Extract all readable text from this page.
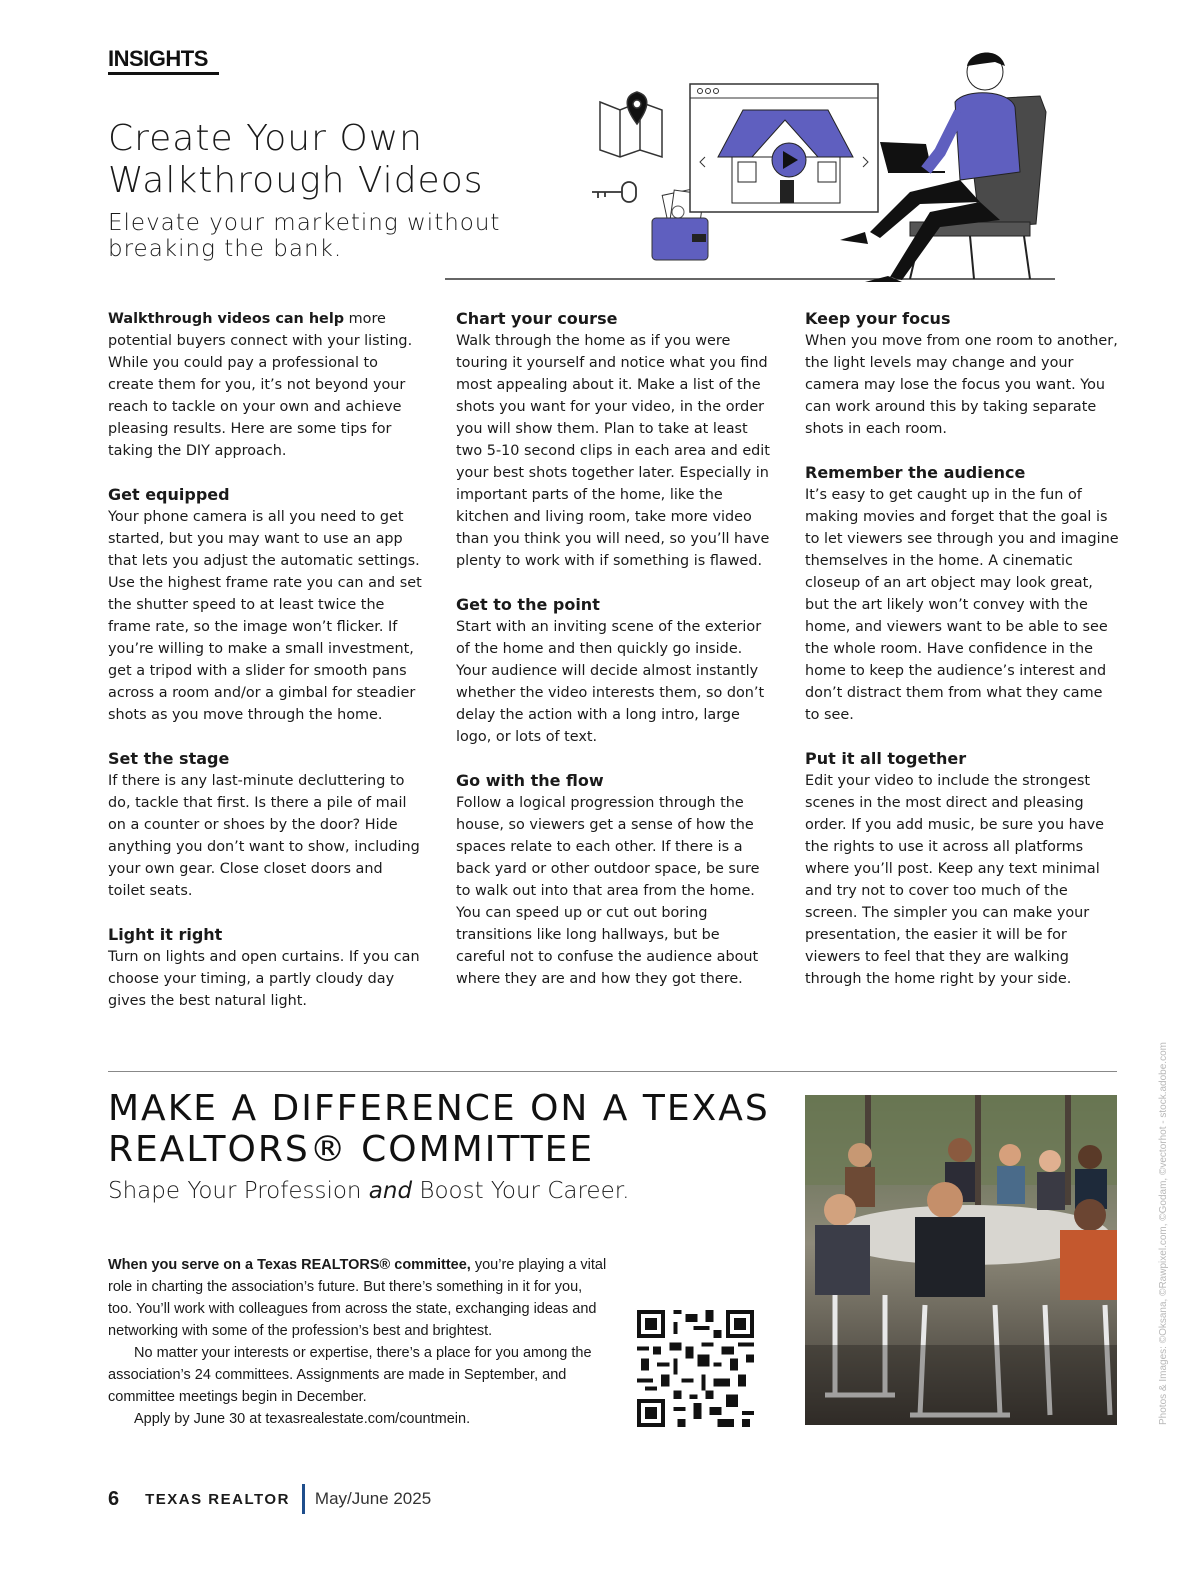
INSIGHTS
Create Your Own Walkthrough Videos
Elevate your marketing without breaking the bank.

Walkthrough videos can help more potential buyers connect with your listing. While you could pay a professional to create them for you, it’s not beyond your reach to tackle on your own and achieve pleasing results. Here are some tips for taking the DIY approach.

Get equipped

Your phone camera is all you need to get started, but you may want to use an app that lets you adjust the automatic settings. Use the highest frame rate you can and set the shutter speed to at least twice the frame rate, so the image won’t flicker. If you’re willing to make a small investment, get a tripod with a slider for smooth pans across a room and/or a gimbal for steadier shots as you move through the home.

Set the stage

If there is any last-minute decluttering to do, tackle that first. Is there a pile of mail on a counter or shoes by the door? Hide anything you don’t want to show, including your own gear. Close closet doors and toilet seats.

Light it right

Turn on lights and open curtains. If you can choose your timing, a partly cloudy day gives the best natural light.

Chart your course

Walk through the home as if you were touring it yourself and notice what you find most appealing about it. Make a list of the shots you want for your video, in the order you will show them. Plan to take at least two 5-10 second clips in each area and edit your best shots together later. Especially in important parts of the home, like the kitchen and living room, take more video than you think you will need, so you’ll have plenty to work with if something is flawed.

Get to the point

Start with an inviting scene of the exterior of the home and then quickly go inside. Your audience will decide almost instantly whether the video interests them, so don’t delay the action with a long intro, large logo, or lots of text.

Go with the flow

Follow a logical progression through the house, so viewers get a sense of how the spaces relate to each other. If there is a back yard or other outdoor space, be sure to walk out into that area from the home. You can speed up or cut out boring transitions like long hallways, but be careful not to confuse the audience about where they are and how they got there.

Keep your focus

When you move from one room to another, the light levels may change and your camera may lose the focus you want. You can work around this by taking separate shots in each room.

Remember the audience

It’s easy to get caught up in the fun of making movies and forget that the goal is to let viewers see through you and imagine themselves in the home. A cinematic closeup of an art object may look great, but the art likely won’t convey with the home, and viewers want to be able to see the whole room. Have confidence in the home to keep the audience’s interest and don’t distract them from what they came to see.

Put it all together

Edit your video to include the strongest scenes in the most direct and pleasing order. If you add music, be sure you have the rights to use it across all platforms where you’ll post. Keep any text minimal and try not to cover too much of the screen. The simpler you can make your presentation, the easier it will be for viewers to feel that they are walking through the home right by your side.

MAKE A DIFFERENCE ON A TEXAS REALTORS® COMMITTEE
Shape Your Profession and Boost Your Career.

When you serve on a Texas REALTORS® committee, you’re playing a vital role in charting the association’s future. But there’s something in it for you, too. You’ll work with colleagues from across the state, exchanging ideas and networking with some of the profession’s best and brightest.

No matter your interests or expertise, there’s a place for you among the association’s 24 committees. Assignments are made in September, and committee meetings begin in December.

Apply by June 30 at texasrealestate.com/countmein.	Photos & Images: ©Oksana, ©Rawpixel.com, ©Godam, ©vectorhot - stock.adobe.com
6 TEXAS REALTOR May/June 2025
